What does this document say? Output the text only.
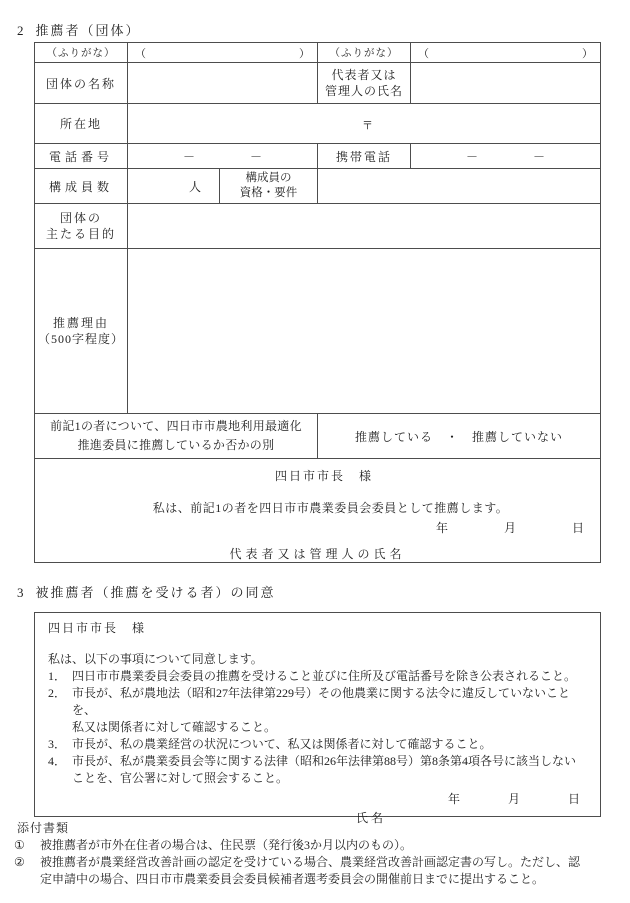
2 推薦者（団体）
（ふりがな）	（ ）		（ふりがな）	（ ）

団体の名称			代表者又は
管理人の氏名	

所在地	〒			

電話番号	－ －		携帯電話	－ －

構成員数	人	構成員の
資格・要件		

団体の
主たる目的				

推薦理由
（500字程度）				

前記1の者について、四日市市農地利用最適化
推進委員に推薦しているか否かの別			推薦している　・　推薦していない	

四日市市長　様
私は、前記1の者を四日市市農業委員会委員として推薦します。
年	月	日
代表者又は管理人の氏名
3 被推薦者（推薦を受ける者）の同意
四日市市長　様
私は、以下の事項について同意します。
1． 四日市市農業委員会委員の推薦を受けること並びに住所及び電話番号を除き公表されること。
2． 市長が、私が農地法（昭和27年法律第229号）その他農業に関する法令に違反していないことを、
私又は関係者に対して確認すること。
3． 市長が、私の農業経営の状況について、私又は関係者に対して確認すること。
4． 市長が、私が農業委員会等に関する法律（昭和26年法律第88号）第8条第4項各号に該当しない
ことを、官公署に対して照会すること。
年	月	日
氏名
添付書類
①	被推薦者が市外在住者の場合は、住民票（発行後3か月以内のもの）。
②	被推薦者が農業経営改善計画の認定を受けている場合、農業経営改善計画認定書の写し。ただし、認
定申請中の場合、四日市市農業委員会委員候補者選考委員会の開催前日までに提出すること。
